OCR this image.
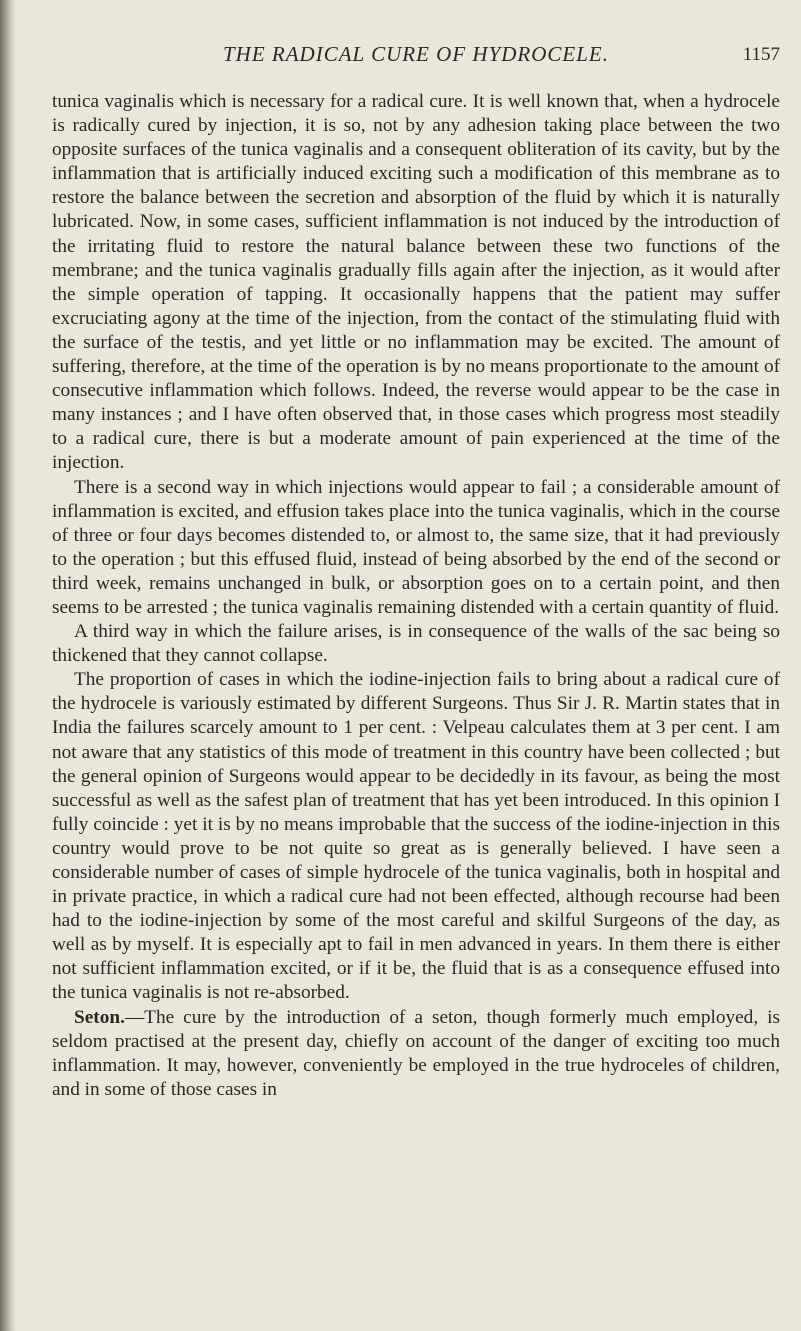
THE RADICAL CURE OF HYDROCELE.	1157

tunica vaginalis which is necessary for a radical cure. It is well known that, when a hydrocele is radically cured by injection, it is so, not by any adhesion taking place between the two opposite surfaces of the tunica vaginalis and a consequent obliteration of its cavity, but by the inflammation that is artificially induced exciting such a modification of this membrane as to restore the balance between the secretion and absorption of the fluid by which it is naturally lubricated. Now, in some cases, sufficient inflammation is not induced by the introduction of the irritating fluid to restore the natural balance between these two functions of the membrane; and the tunica vaginalis gradually fills again after the injection, as it would after the simple operation of tapping. It occasionally happens that the patient may suffer excruciating agony at the time of the injection, from the contact of the stimulating fluid with the surface of the testis, and yet little or no inflammation may be excited. The amount of suffering, therefore, at the time of the operation is by no means proportionate to the amount of consecutive inflammation which follows. Indeed, the reverse would appear to be the case in many instances ; and I have often observed that, in those cases which progress most steadily to a radical cure, there is but a moderate amount of pain experienced at the time of the injection.

There is a second way in which injections would appear to fail ; a considerable amount of inflammation is excited, and effusion takes place into the tunica vaginalis, which in the course of three or four days becomes distended to, or almost to, the same size, that it had previously to the operation ; but this effused fluid, instead of being absorbed by the end of the second or third week, remains unchanged in bulk, or absorption goes on to a certain point, and then seems to be arrested ; the tunica vaginalis remaining distended with a certain quantity of fluid.

A third way in which the failure arises, is in consequence of the walls of the sac being so thickened that they cannot collapse.

The proportion of cases in which the iodine-injection fails to bring about a radical cure of the hydrocele is variously estimated by different Surgeons. Thus Sir J. R. Martin states that in India the failures scarcely amount to 1 per cent. : Velpeau calculates them at 3 per cent. I am not aware that any statistics of this mode of treatment in this country have been collected ; but the general opinion of Surgeons would appear to be decidedly in its favour, as being the most successful as well as the safest plan of treatment that has yet been introduced. In this opinion I fully coincide : yet it is by no means improbable that the success of the iodine-injection in this country would prove to be not quite so great as is generally believed. I have seen a considerable number of cases of simple hydrocele of the tunica vaginalis, both in hospital and in private practice, in which a radical cure had not been effected, although recourse had been had to the iodine-injection by some of the most careful and skilful Surgeons of the day, as well as by myself. It is especially apt to fail in men advanced in years. In them there is either not sufficient inflammation excited, or if it be, the fluid that is as a consequence effused into the tunica vaginalis is not re-absorbed.

Seton.—The cure by the introduction of a seton, though formerly much employed, is seldom practised at the present day, chiefly on account of the danger of exciting too much inflammation. It may, however, conveniently be employed in the true hydroceles of children, and in some of those cases in
